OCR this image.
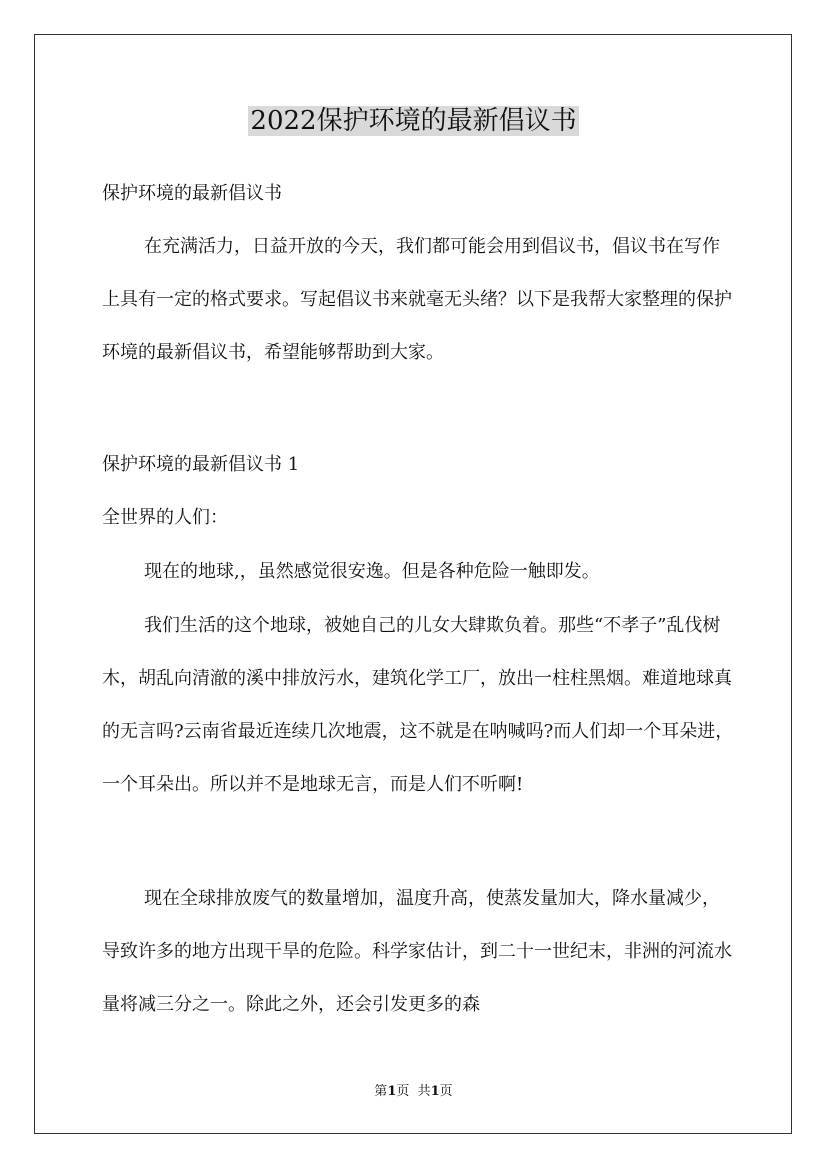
2022保护环境的最新倡议书

保护环境的最新倡议书

在充满活力，日益开放的今天，我们都可能会用到倡议书，倡议书在写作上具有一定的格式要求。写起倡议书来就毫无头绪？以下是我帮大家整理的保护环境的最新倡议书，希望能够帮助到大家。

保护环境的最新倡议书 1

全世界的人们：

现在的地球,，虽然感觉很安逸。但是各种危险一触即发。

我们生活的这个地球，被她自己的儿女大肆欺负着。那些“不孝子”乱伐树木，胡乱向清澈的溪中排放污水，建筑化学工厂，放出一柱柱黑烟。难道地球真的无言吗?云南省最近连续几次地震，这不就是在呐喊吗?而人们却一个耳朵进，一个耳朵出。所以并不是地球无言，而是人们不听啊!

现在全球排放废气的数量增加，温度升高，使蒸发量加大，降水量减少，导致许多的地方出现干旱的危险。科学家估计，到二十一世纪末，非洲的河流水量将减三分之一。除此之外，还会引发更多的森

第1页  共1页
